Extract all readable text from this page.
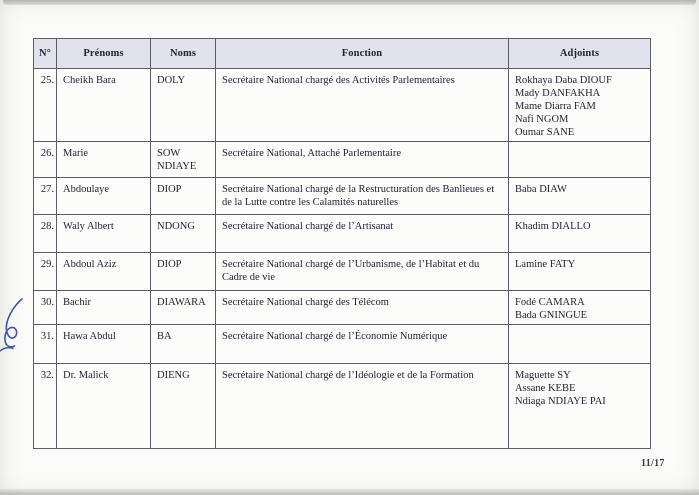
N°	Prénoms	Noms	Fonction	Adjoints
25.	Cheikh Bara	DOLY	Secrétaire National chargé des Activités Parlementaires	Rokhaya Daba DIOUF
Mady DANFAKHA
Mame Diarra FAM
Nafi NGOM
Oumar SANE

26.	Marie	SOW NDIAYE	Secrétaire National, Attaché Parlementaire	
27.	Abdoulaye	DIOP	Secrétaire National chargé de la Restructuration des Banlieues et de la Lutte contre les Calamités naturelles	Baba DIAW

28.	Waly Albert	NDONG	Secrétaire National chargé de l’Artisanat	Khadim DIALLO

29.	Abdoul Aziz	DIOP	Secrétaire National chargé de l’Urbanisme, de l’Habitat et du Cadre de vie	Lamine FATY

30.	Bachir	DIAWARA	Secrétaire National chargé des Télécom	Fodé CAMARA
Bada GNINGUE

31.	Hawa Abdul	BA	Secrétaire National chargé de l’Économie Numérique	
32.	Dr. Malick	DIENG	Secrétaire National chargé de l’Idéologie et de la Formation	Maguette SY
Assane KEBE
Ndiaga NDIAYE PAI
11/17
